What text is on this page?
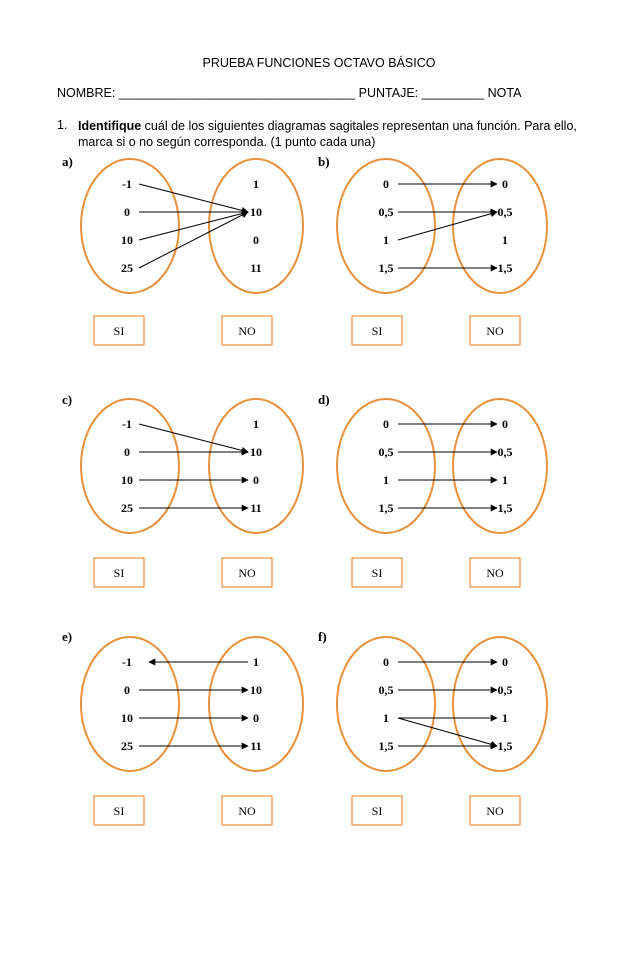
PRUEBA FUNCIONES OCTAVO BÁSICO
NOMBRE: __________________________________ PUNTAJE: _________ NOTA
1. Identifique cuál de los siguientes diagramas sagitales representan una función. Para ello, marca si o no según corresponda. (1 punto cada una)
a)
-1
0
10
25
1
10
0
11
SI	NO
b)
0
0,5
1
1,5
0
0,5
1
1,5
SI	NO
c)
-1
0
10
25
1
10
0
11
SI	NO
d)
0
0,5
1
1,5
0
0,5
1
1,5
SI	NO
e)
-1
0
10
25
1
10
0
11
SI	NO
f)
0
0,5
1
1,5
0
0,5
1
1,5
SI	NO
